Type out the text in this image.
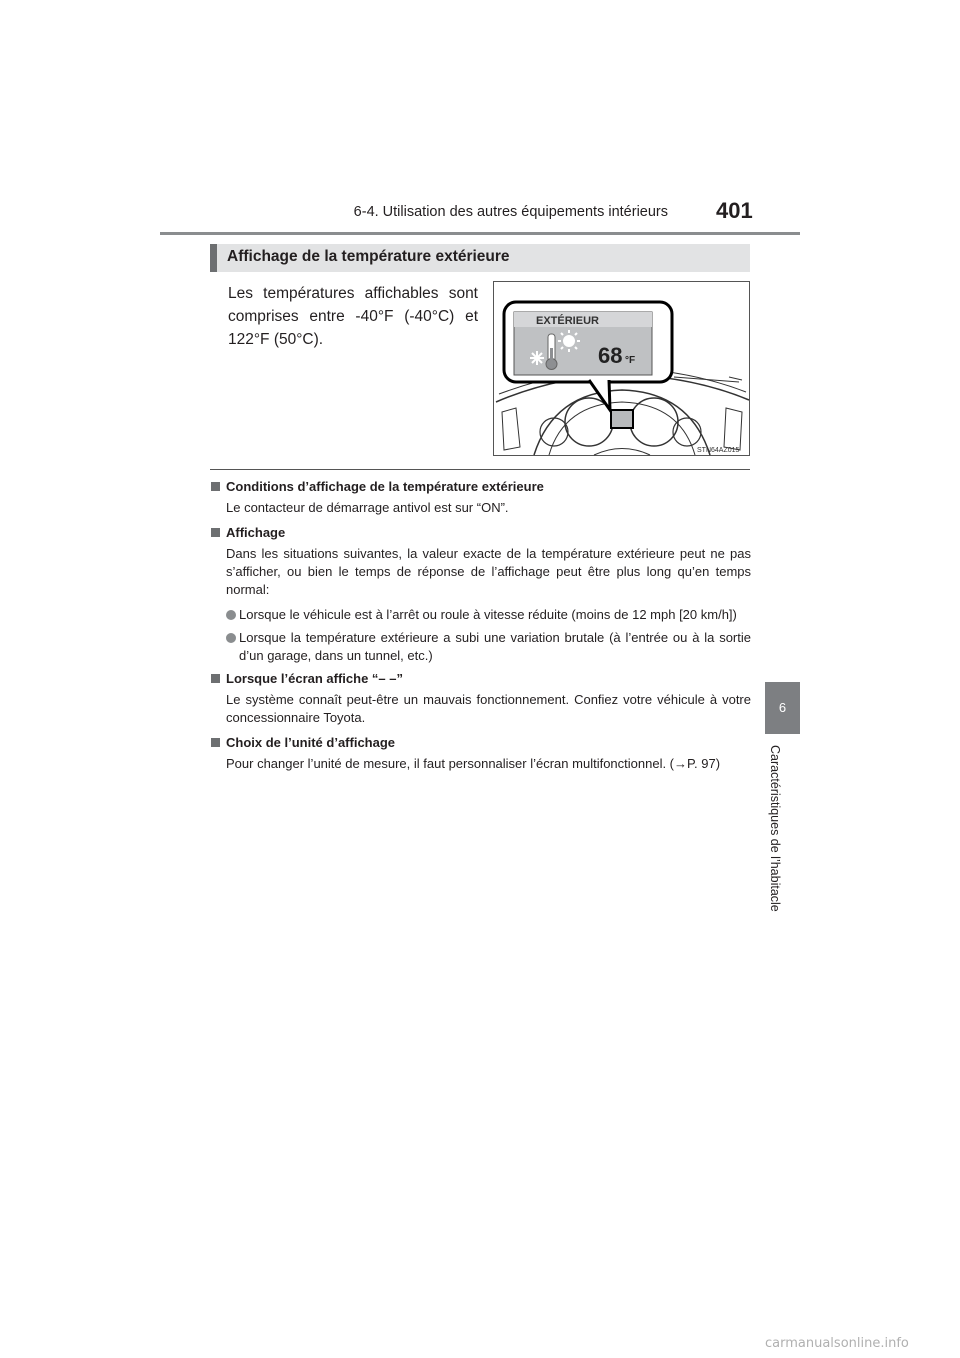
6-4. Utilisation des autres équipements intérieurs 401
6
Caractéristiques de l’habitacle
Affichage de la température extérieure
Les températures affichables sont comprises entre -40°F (-40°C) et 122°F (50°C).
EXTÉRIEUR
68 °F
STN64AZ015
Conditions d’affichage de la température extérieure
Le contacteur de démarrage antivol est sur “ON”.
Affichage
Dans les situations suivantes, la valeur exacte de la température extérieure peut ne pas s’afficher, ou bien le temps de réponse de l’affichage peut être plus long qu’en temps normal:
Lorsque le véhicule est à l’arrêt ou roule à vitesse réduite (moins de 12 mph [20 km/h])
Lorsque la température extérieure a subi une variation brutale (à l’entrée ou à la sortie d’un garage, dans un tunnel, etc.)
Lorsque l’écran affiche “– –”
Le système connaît peut-être un mauvais fonctionnement. Confiez votre véhicule à votre concessionnaire Toyota.
Choix de l’unité d’affichage
Pour changer l’unité de mesure, il faut personnaliser l’écran multifonctionnel. (→P. 97)
carmanualsonline.info
